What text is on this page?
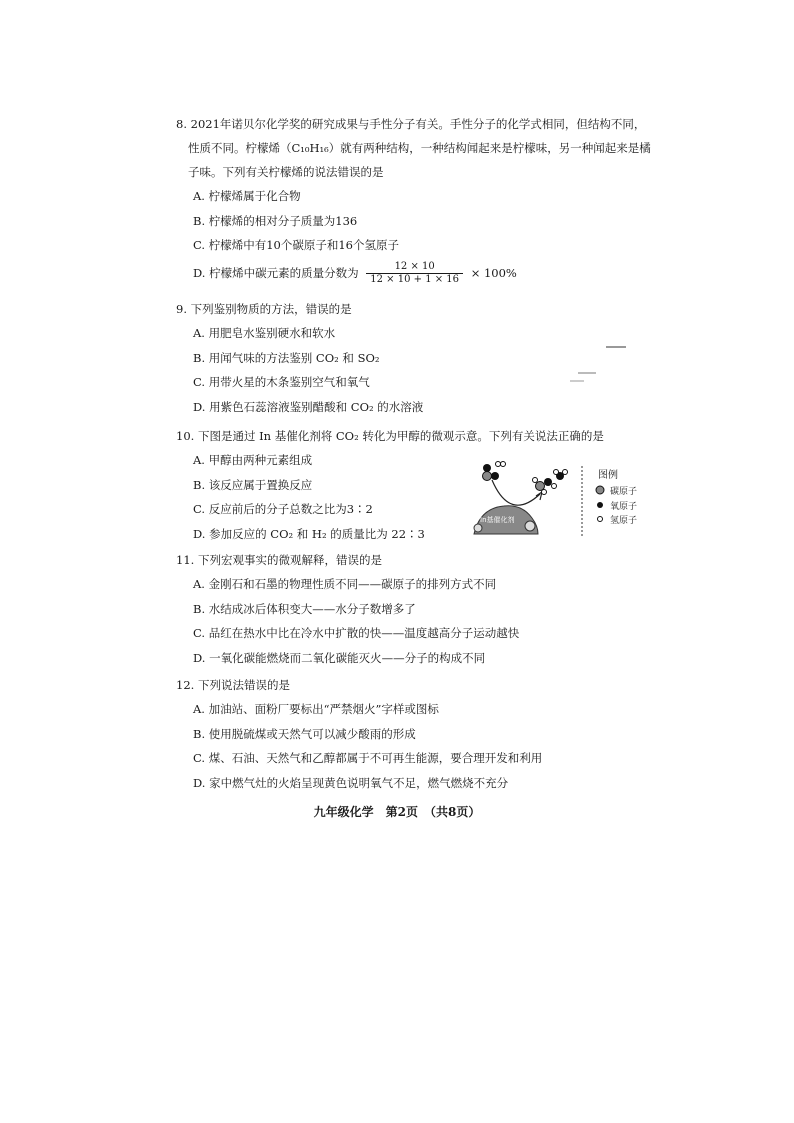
8. 2021年诺贝尔化学奖的研究成果与手性分子有关。手性分子的化学式相同，但结构不同，

性质不同。柠檬烯（C₁₀H₁₆）就有两种结构，一种结构闻起来是柠檬味，另一种闻起来是橘

子味。下列有关柠檬烯的说法错误的是

A. 柠檬烯属于化合物

B. 柠檬烯的相对分子质量为136

C. 柠檬烯中有10个碳原子和16个氢原子

D. 柠檬烯中碳元素的质量分数为 $\frac{12 \times 10}{12 \times 10 + 1 \times 16} \times 100\%$

9. 下列鉴别物质的方法，错误的是

A. 用肥皂水鉴别硬水和软水

B. 用闻气味的方法鉴别 CO₂ 和 SO₂

C. 用带火星的木条鉴别空气和氧气

D. 用紫色石蕊溶液鉴别醋酸和 CO₂ 的水溶液

10. 下图是通过 In 基催化剂将 CO₂ 转化为甲醇的微观示意。下列有关说法正确的是

A. 甲醇由两种元素组成

B. 该反应属于置换反应

C. 反应前后的分子总数之比为3∶2

D. 参加反应的 CO₂ 和 H₂ 的质量比为 22∶3

In基催化剂
图例
碳原子
氧原子
氢原子

11. 下列宏观事实的微观解释，错误的是

A. 金刚石和石墨的物理性质不同——碳原子的排列方式不同

B. 水结成冰后体积变大——水分子数增多了

C. 品红在热水中比在冷水中扩散的快——温度越高分子运动越快

D. 一氧化碳能燃烧而二氧化碳能灭火——分子的构成不同

12. 下列说法错误的是

A. 加油站、面粉厂要标出“严禁烟火”字样或图标

B. 使用脱硫煤或天然气可以减少酸雨的形成

C. 煤、石油、天然气和乙醇都属于不可再生能源，要合理开发和利用

D. 家中燃气灶的火焰呈现黄色说明氧气不足，燃气燃烧不充分

九年级化学　第2页　（共8页）
